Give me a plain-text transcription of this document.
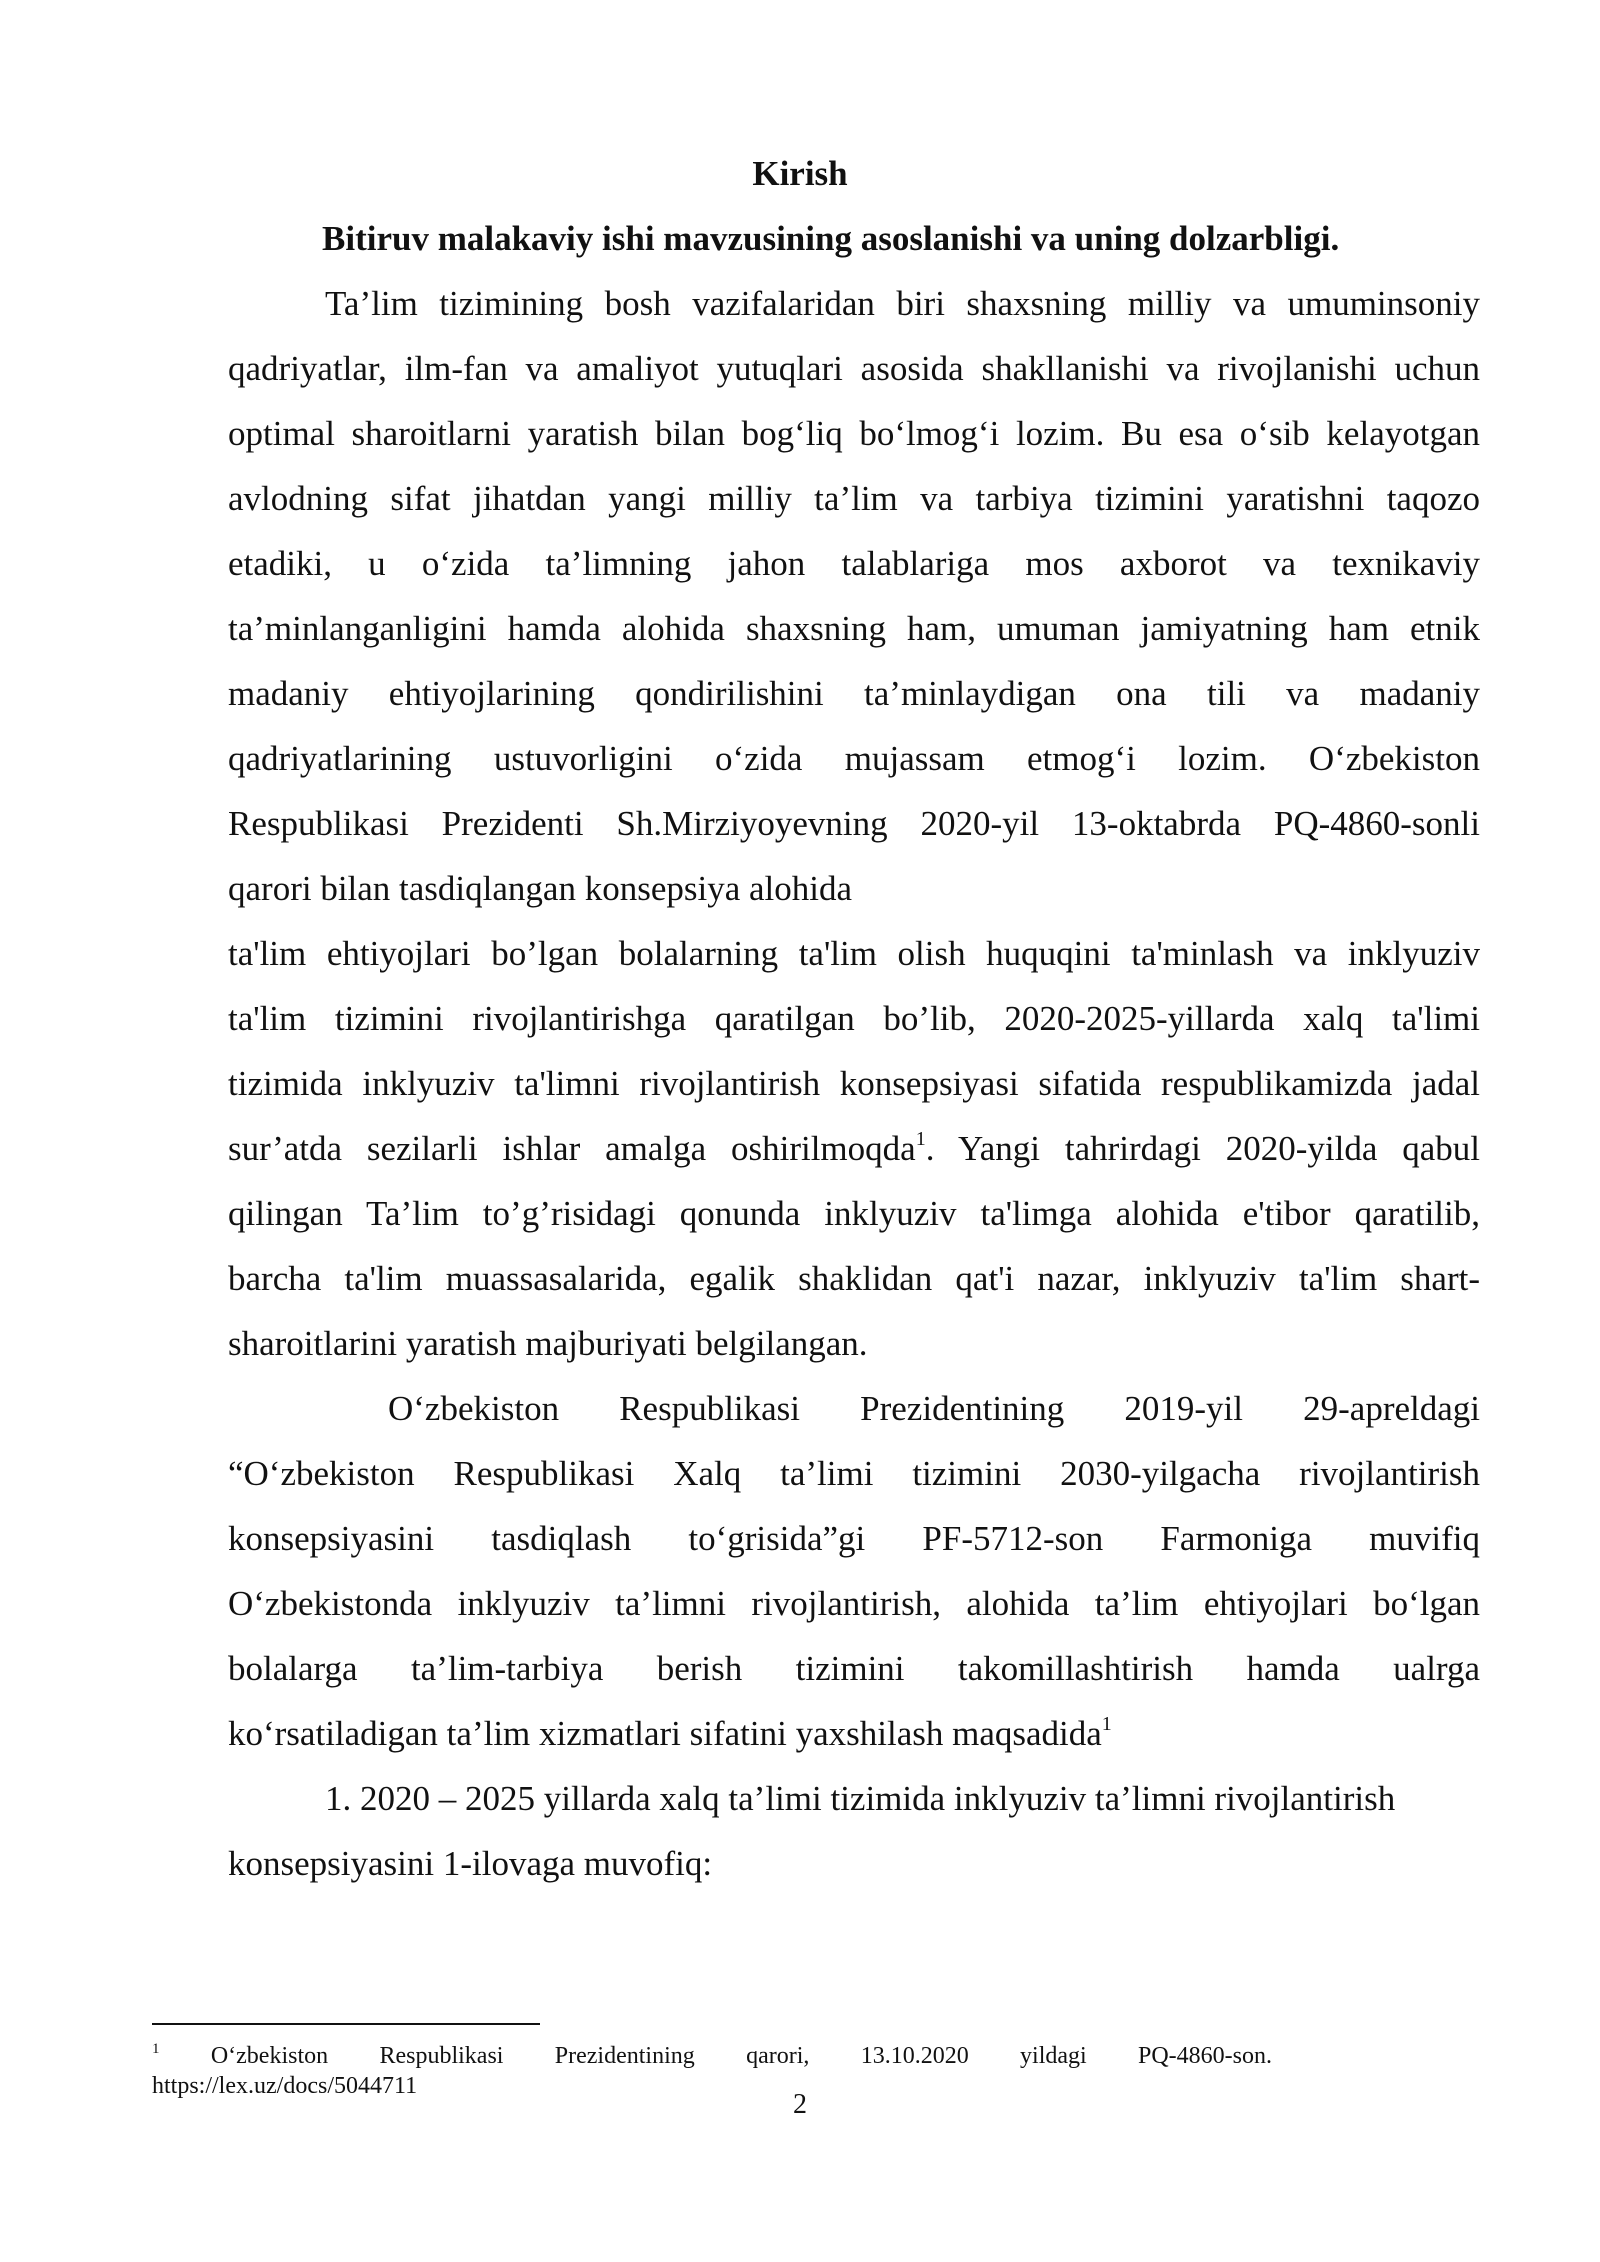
Kirish
Bitiruv malakaviy ishi mavzusining asoslanishi va uning dolzarbligi.
Ta’lim tizimining bosh vazifalaridan biri shaxsning milliy va umuminsoniy
qadriyatlar, ilm-fan va amaliyot yutuqlari asosida shakllanishi va rivojlanishi uchun
optimal sharoitlarni yaratish bilan bog‘liq bo‘lmog‘i lozim. Bu esa o‘sib kelayotgan
avlodning sifat jihatdan yangi milliy ta’lim va tarbiya tizimini yaratishni taqozo
etadiki, u o‘zida ta’limning jahon talablariga mos axborot va texnikaviy
ta’minlanganligini hamda alohida shaxsning ham, umuman jamiyatning ham etnik
madaniy ehtiyojlarining qondirilishini ta’minlaydigan ona tili va madaniy
qadriyatlarining ustuvorligini o‘zida mujassam etmog‘i lozim. O‘zbekiston
Respublikasi Prezidenti Sh.Mirziyoyevning 2020-yil 13-oktabrda PQ-4860-sonli
qarori bilan tasdiqlangan konsepsiya alohida
ta'lim ehtiyojlari bo’lgan bolalarning ta'lim olish huquqini ta'minlash va inklyuziv
ta'lim tizimini rivojlantirishga qaratilgan bo’lib, 2020-2025-yillarda xalq ta'limi
tizimida inklyuziv ta'limni rivojlantirish konsepsiyasi sifatida respublikamizda jadal
sur’atda sezilarli ishlar amalga oshirilmoqda$^1$. Yangi tahrirdagi 2020-yilda qabul
qilingan Ta’lim to’g’risidagi qonunda inklyuziv ta'limga alohida e'tibor qaratilib,
barcha ta'lim muassasalarida, egalik shaklidan qat'i nazar, inklyuziv ta'lim shart-
sharoitlarini yaratish majburiyati belgilangan.
O‘zbekiston Respublikasi Prezidentining 2019-yil 29-apreldagi
“O‘zbekiston Respublikasi Xalq ta’limi tizimini 2030-yilgacha rivojlantirish
konsepsiyasini tasdiqlash to‘grisida”gi PF-5712-son Farmoniga muvifiq
O‘zbekistonda inklyuziv ta’limni rivojlantirish, alohida ta’lim ehtiyojlari bo‘lgan
bolalarga ta’lim-tarbiya berish tizimini takomillashtirish hamda ualrga
ko‘rsatiladigan ta’lim xizmatlari sifatini yaxshilash maqsadida$^1$
1. 2020 – 2025 yillarda xalq ta’limi tizimida inklyuziv ta’limni rivojlantirish
konsepsiyasini 1-ilovaga muvofiq:
$^1$ O‘zbekiston Respublikasi Prezidentining qarori, 13.10.2020 yildagi PQ-4860-son.
https://lex.uz/docs/5044711
2
